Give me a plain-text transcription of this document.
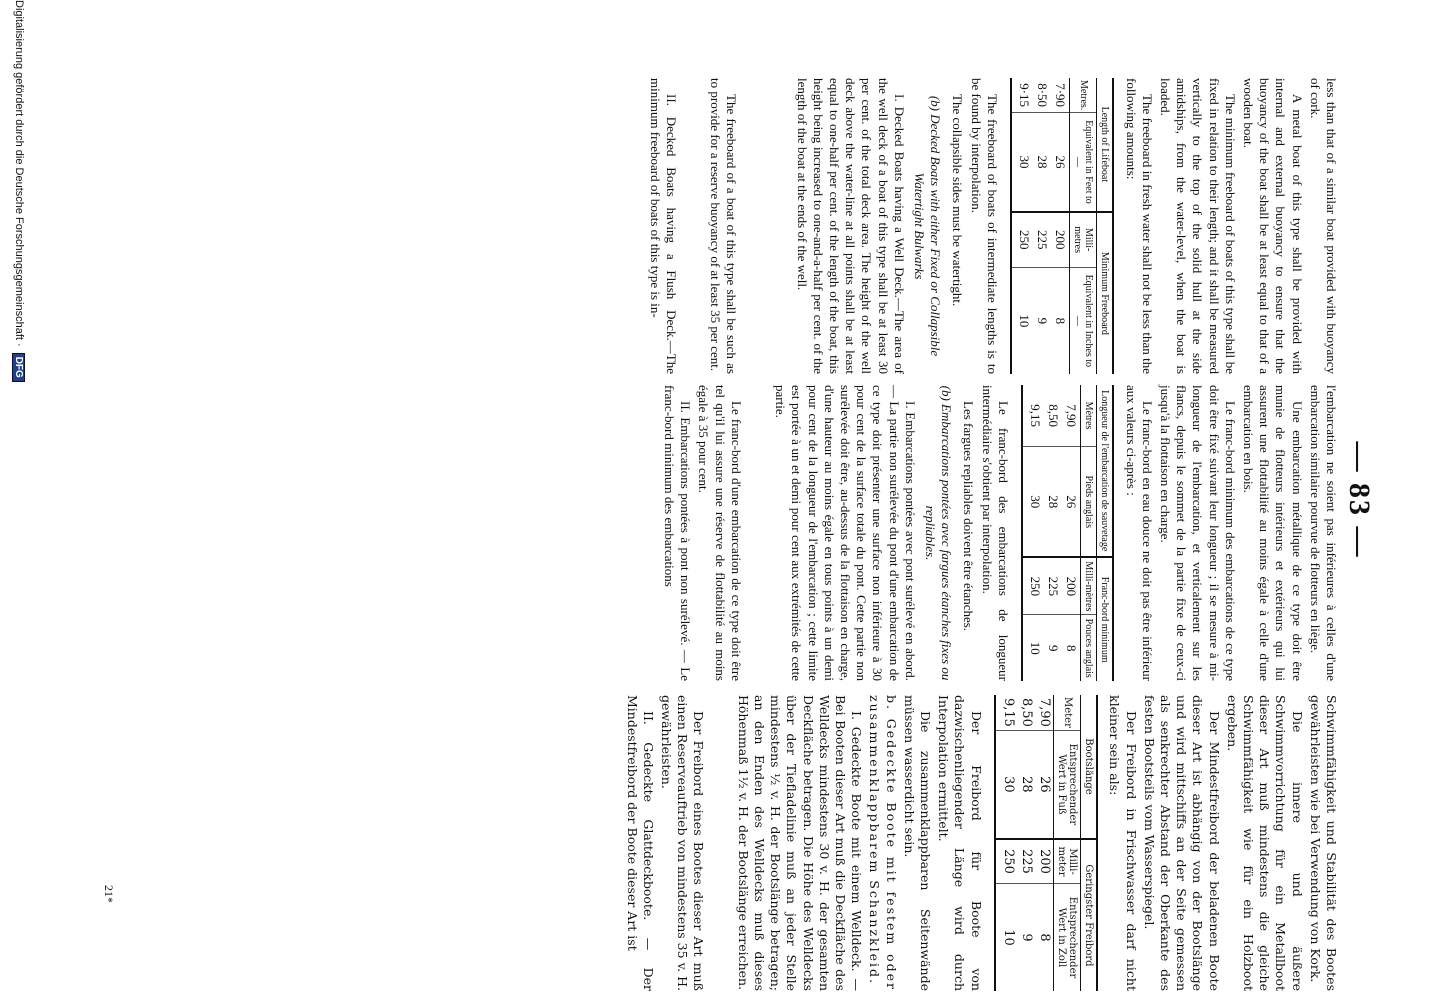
— 83 —

less than that of a similar boat provided with buoyancy of cork.

A metal boat of this type shall be provided with internal and external buoyancy to ensure that the buoyancy of the boat shall be at least equal to that of a wooden boat.

The minimum freeboard of boats of this type shall be fixed in relation to their length; and it shall be measured vertically to the top of the solid hull at the side amidships, from the water-level, when the boat is loaded.

The freeboard in fresh water shall not be less than the following amounts:

Length of Lifeboat		Minimum Freeboard	
Metres.	Equivalent in Feet to—	Milli-metres	Equivalent in Inches to—
7·90	26	200	8
8·50	28	225	9
9·15	30	250	10

The freeboard of boats of intermediate lengths is to be found by interpolation.

The collapsible sides must be watertight.

(b) Decked Boats with either Fixed or Collapsible Watertight Bulwarks

I. Decked Boats having a Well Deck.—The area of the well deck of a boat of this type shall be at least 30 per cent. of the total deck area. The height of the well deck above the water-line at all points shall be at least equal to one-half per cent. of the length of the boat, this height being increased to one-and-a-half per cent. of the length of the boat at the ends of the well.

The freeboard of a boat of this type shall be such as to provide for a reserve buoyancy of at least 35 per cent.

II. Decked Boats having a Flush Deck.—The minimum freeboard of boats of this type is in-

l'embarcation ne soient pas inférieures à celles d'une embarcation similaire pourvue de flotteurs en liège.

Une embarcation métallique de ce type doit être munie de flotteurs intérieurs et extérieurs qui lui assurent une flottabilité au moins égale à celle d'une embarcation en bois.

Le franc-bord minimum des embarcations de ce type doit être fixé suivant leur longueur ; il se mesure à mi-longueur de l'embarcation, et verticalement sur les flancs, depuis le sommet de la partie fixe de ceux-ci jusqu'à la flottaison en charge.

Le franc-bord en eau douce ne doit pas être inférieur aux valeurs ci-après :

Longueur de l'embarcation de sauvetage		Franc-bord minimum	
Mètres	Pieds anglais	Milli-mètres	Pouces anglais
7,90	26	200	8
8,50	28	225	9
9,15	30	250	10

Le franc-bord des embarcations de longueur intermédiaire s'obtient par interpolation.

Les fargues repliables doivent être étanches.

(b) Embarcations pontées avec fargues étanches fixes ou repliables.

I. Embarcations pontées avec pont surélevé en abord. — La partie non surélevée du pont d'une embarcation de ce type doit présenter une surface non inférieure à 30 pour cent de la surface totale du pont. Cette partie non surélevée doit être, au-dessus de la flottaison en charge, d'une hauteur au moins égale en tous points à un demi pour cent de la longueur de l'embarcation ; cette limite est portée à un et demi pour cent aux extrémités de cette partie.

Le franc-bord d'une embarcation de ce type doit être tel qu'il lui assure une réserve de flottabilité au moins égale à 35 pour cent.

II. Embarcations pontées à pont non surélevé. — Le franc-bord minimum des embarcations

Schwimmfähigkeit und Stabilität des Bootes gewährleisten wie bei Verwendung von Kork.

Die innere und äußere Schwimmvorrichtung für ein Metallboot dieser Art muß mindestens die gleiche Schwimmfähigkeit wie für ein Holzboot ergeben.

Der Mindestfreibord der beladenen Boote dieser Art ist abhängig von der Bootslänge und wird mittschiffs an der Seite gemessen als senkrechter Abstand der Oberkante des festen Bootsteils vom Wasserspiegel.

Der Freibord in Frischwasser darf nicht kleiner sein als:

Bootslänge		Geringster Freibord	
Meter	Entsprechender Wert in Fuß	Milli-meter	Entsprechender Wert in Zoll
7,90	26	200	8
8,50	28	225	9
9,15	30	250	10

Der Freibord für Boote von dazwischenliegender Länge wird durch Interpolation ermittelt.

Die zusammenklappbaren Seitenwände müssen wasserdicht sein.

b. Gedeckte Boote mit festem oder zusammenklappbarem Schanzkleid.

I. Gedeckte Boote mit einem Welldeck. — Bei Booten dieser Art muß die Deckfläche des Welldecks mindestens 30 v. H. der gesamten Deckfläche betragen. Die Höhe des Welldecks über der Tiefladelinie muß an jeder Stelle mindestens ½ v. H. der Bootslänge betragen; an den Enden des Welldecks muß dieses Höhenmaß 1½ v. H. der Bootslänge erreichen.

Der Freibord eines Bootes dieser Art muß einen Reserveauftrieb von mindestens 35 v. H. gewährleisten.

II. Gedeckte Glattdeckboote. — Der Mindestfreibord der Boote dieser Art ist

21*
Digitalisierung gefördert durch die Deutsche Forschungsgemeinschaft ·
DFG
